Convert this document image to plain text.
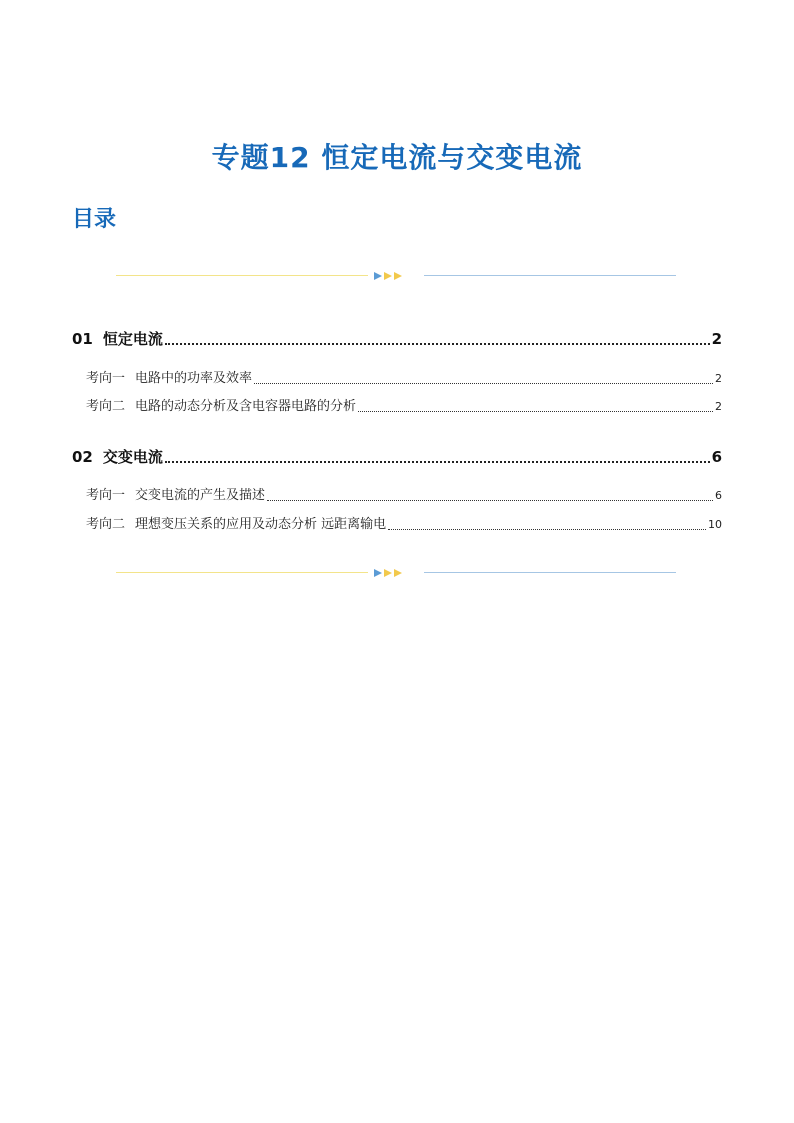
专题12 恒定电流与交变电流
目录
01 恒定电流	2
考向一 电路中的功率及效率	2
考向二 电路的动态分析及含电容器电路的分析	2
02 交变电流	6
考向一 交变电流的产生及描述	6
考向二 理想变压关系的应用及动态分析 远距离输电	10
